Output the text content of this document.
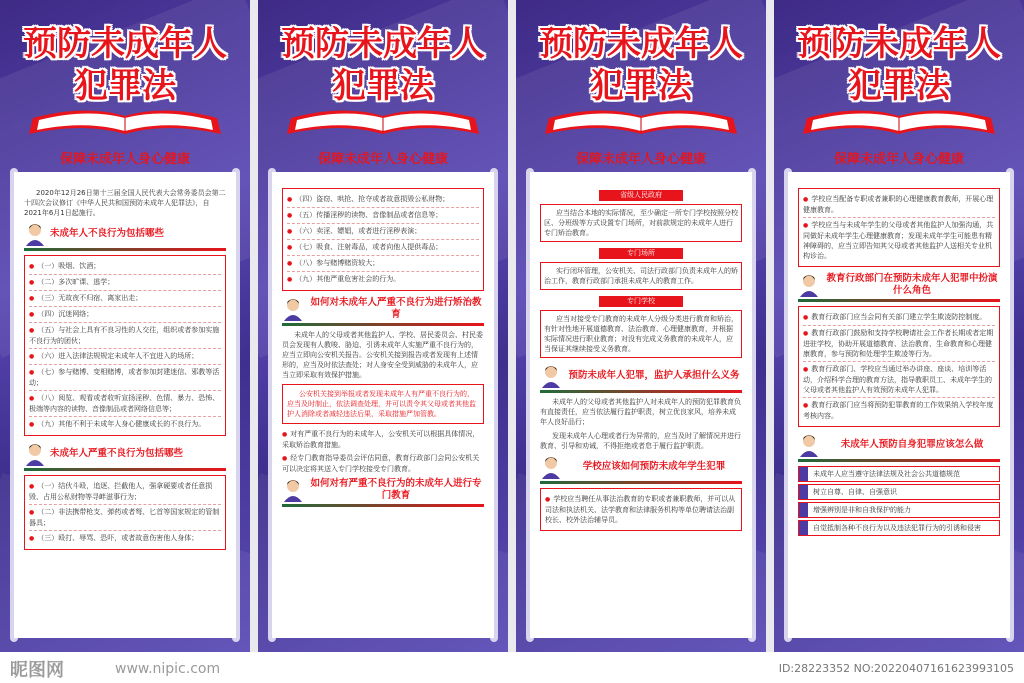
预防未成年人
犯罪法
保障未成年人身心健康

2020年12月26日第十三届全国人民代表大会常务委员会第二十四次会议修订《中华人民共和国预防未成年人犯罪法》，自2021年6月1日起施行。

未成年人不良行为包括哪些
● （一）吸烟、饮酒；
● （二）多次旷课、逃学；
● （三）无故夜不归宿、离家出走；
● （四）沉迷网络；
● （五）与社会上具有不良习性的人交往，组织或者参加实施不良行为的团伙；
● （六）进入法律法规规定未成年人不宜进入的场所；
● （七）参与赌博、变相赌博，或者参加封建迷信、邪教等活动；
● （八）阅览、观看或者收听宣扬淫秽、色情、暴力、恐怖、极端等内容的读物、音像制品或者网络信息等；
● （九）其他不利于未成年人身心健康成长的不良行为。
未成年人严重不良行为包括哪些
● （一）结伙斗殴，追逐、拦截他人，强拿硬要或者任意损毁、占用公私财物等寻衅滋事行为；
● （二）非法携带枪支、弹药或者弩、匕首等国家规定的管制器具；
● （三）殴打、辱骂、恐吓，或者故意伤害他人身体；
预防未成年人
犯罪法
保障未成年人身心健康
● （四）盗窃、哄抢、抢夺或者故意损毁公私财物；
● （五）传播淫秽的读物、音像制品或者信息等；
● （六）卖淫、嫖娼，或者进行淫秽表演；
● （七）吸食、注射毒品，或者向他人提供毒品；
● （八）参与赌博赌资较大；
● （九）其他严重危害社会的行为。
如何对未成年人严重不良行为进行矫治教育

未成年人的父母或者其他监护人、学校、居民委员会、村民委员会发现有人教唆、胁迫、引诱未成年人实施严重不良行为的，应当立即向公安机关报告。公安机关接到报告或者发现有上述情形的，应当及时依法查处；对人身安全受到威胁的未成年人，应当立即采取有效保护措施。

公安机关接到举报或者发现未成年人有严重不良行为的，应当及时制止，依法调查处理，并可以责令其父母或者其他监护人消除或者减轻违法后果，采取措施严加管教。
● 对有严重不良行为的未成年人，公安机关可以根据具体情况，采取矫治教育措施。
● 经专门教育指导委员会评估同意，教育行政部门会同公安机关可以决定将其送入专门学校接受专门教育。
如何对有严重不良行为的未成年人进行专门教育
预防未成年人
犯罪法
保障未成年人身心健康
省级人民政府

应当结合本地的实际情况，至少确定一所专门学校按照分校区、分班级等方式设置专门场所，对前款规定的未成年人进行专门矫治教育。

专门场所

实行闭环管理，公安机关、司法行政部门负责未成年人的矫治工作，教育行政部门承担未成年人的教育工作。

专门学校

应当对接受专门教育的未成年人分级分类进行教育和矫治，有针对性地开展道德教育、法治教育、心理健康教育，并根据实际情况进行职业教育；对没有完成义务教育的未成年人，应当保证其继续接受义务教育。

预防未成年人犯罪，监护人承担什么义务

未成年人的父母或者其他监护人对未成年人的预防犯罪教育负有直接责任，应当依法履行监护职责，树立优良家风，培养未成年人良好品行；

发现未成年人心理或者行为异常的，应当及时了解情况并进行教育、引导和劝诫，不得拒绝或者怠于履行监护职责。

学校应该如何预防未成年学生犯罪
● 学校应当聘任从事法治教育的专职或者兼职教师，并可以从司法和执法机关、法学教育和法律服务机构等单位聘请法治副校长、校外法治辅导员。
预防未成年人
犯罪法
保障未成年人身心健康
● 学校应当配备专职或者兼职的心理健康教育教师，开展心理健康教育。
● 学校应当与未成年学生的父母或者其他监护人加强沟通，共同做好未成年学生心理健康教育；发现未成年学生可能患有精神障碍的，应当立即告知其父母或者其他监护人送相关专业机构诊治。
教育行政部门在预防未成年人犯罪中扮演什么角色
● 教育行政部门应当会同有关部门建立学生欺凌防控制度。
● 教育行政部门鼓励和支持学校聘请社会工作者长期或者定期进驻学校，协助开展道德教育、法治教育、生命教育和心理健康教育，参与预防和处理学生欺凌等行为。
● 教育行政部门、学校应当通过举办讲座、座谈、培训等活动，介绍科学合理的教育方法，指导教职员工、未成年学生的父母或者其他监护人有效预防未成年人犯罪。
● 教育行政部门应当将预防犯罪教育的工作效果纳入学校年度考核内容。
未成年人预防自身犯罪应该怎么做
未成年人应当遵守法律法规及社会公共道德规范
树立自尊、自律、自强意识
增强辨别是非和自我保护的能力
自觉抵制各种不良行为以及违法犯罪行为的引诱和侵害
昵图网	www.nipic.com	ID:28223352 NO:20220407161623993105
